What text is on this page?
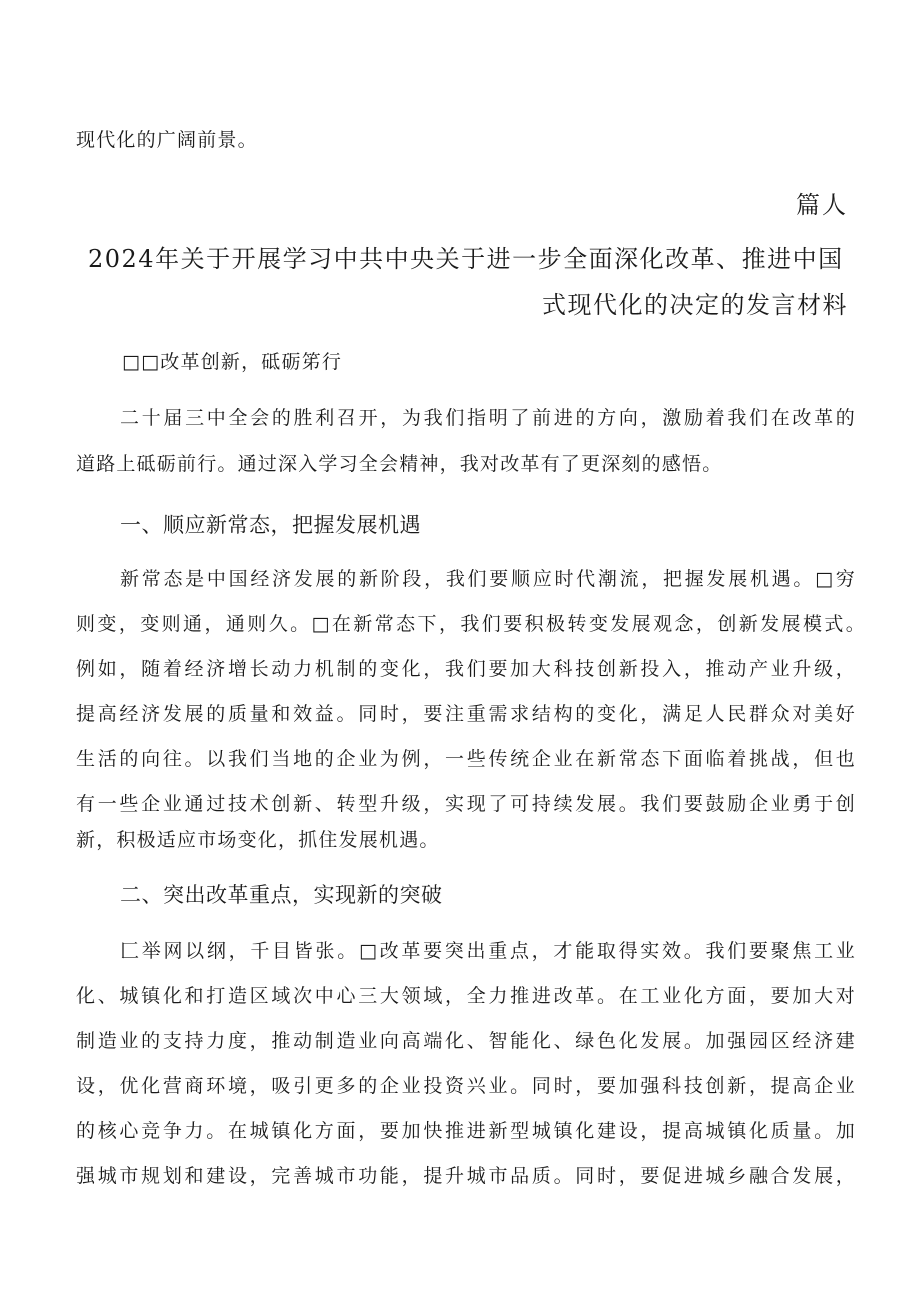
现代化的广阔前景。
篇人
2024年关于开展学习中共中央关于进一步全面深化改革、推进中国
式现代化的决定的发言材料
□□改革创新，砥砺笫行
二十届三中全会的胜利召开，为我们指明了前进的方向，激励着我们在改革的
道路上砥砺前行。通过深入学习全会精神，我对改革有了更深刻的感悟。
一、顺应新常态，把握发展机遇
新常态是中国经济发展的新阶段，我们要顺应时代潮流，把握发展机遇。□穷
则变，变则通，通则久。□在新常态下，我们要积极转变发展观念，创新发展模式。
例如，随着经济增长动力机制的变化，我们要加大科技创新投入，推动产业升级，
提高经济发展的质量和效益。同时，要注重需求结构的变化，满足人民群众对美好
生活的向往。以我们当地的企业为例，一些传统企业在新常态下面临着挑战，但也
有一些企业通过技术创新、转型升级，实现了可持续发展。我们要鼓励企业勇于创
新，积极适应市场变化，抓住发展机遇。
二、突出改革重点，实现新的突破
匚举网以纲，千目皆张。□改革要突出重点，才能取得实效。我们要聚焦工业
化、城镇化和打造区域次中心三大领域，全力推进改革。在工业化方面，要加大对
制造业的支持力度，推动制造业向高端化、智能化、绿色化发展。加强园区经济建
设，优化营商环境，吸引更多的企业投资兴业。同时，要加强科技创新，提高企业
的核心竞争力。在城镇化方面，要加快推进新型城镇化建设，提高城镇化质量。加
强城市规划和建设，完善城市功能，提升城市品质。同时，要促进城乡融合发展，
